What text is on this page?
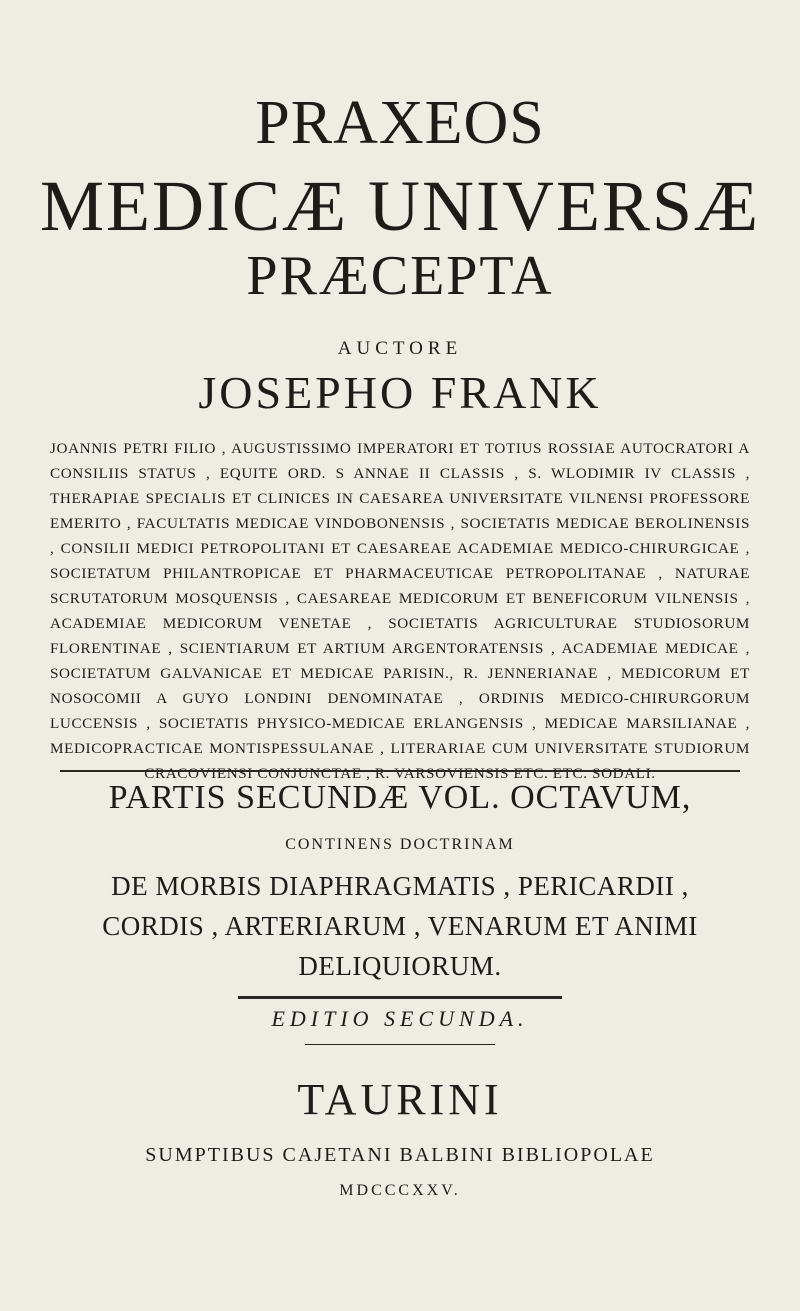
PRAXEOS
MEDICÆ UNIVERSÆ
PRÆCEPTA
AUCTORE
JOSEPHO FRANK
JOANNIS PETRI FILIO , AUGUSTISSIMO IMPERATORI ET TOTIUS ROSSIAE AUTOCRATORI A CONSILIIS STATUS , EQUITE ORD. S ANNAE II CLASSIS , S. WLODIMIR IV CLASSIS , THERAPIAE SPECIALIS ET CLINICES IN CAESAREA UNIVERSITATE VILNENSI PROFESSORE EMERITO , FACULTATIS MEDICAE VINDOBONENSIS , SOCIETATIS MEDICAE BEROLINENSIS , CONSILII MEDICI PETROPOLITANI ET CAESAREAE ACADEMIAE MEDICO-CHIRURGICAE , SOCIETATUM PHILANTROPICAE ET PHARMACEUTICAE PETROPOLITANAE , NATURAE SCRUTATORUM MOSQUENSIS , CAESAREAE MEDICORUM ET BENEFICORUM VILNENSIS , ACADEMIAE MEDICORUM VENETAE , SOCIETATIS AGRICULTURAE STUDIOSORUM FLORENTINAE , SCIENTIARUM ET ARTIUM ARGENTORATENSIS , ACADEMIAE MEDICAE , SOCIETATUM GALVANICAE ET MEDICAE PARISIN., R. JENNERIANAE , MEDICORUM ET NOSOCOMII A GUYO LONDINI DENOMINATAE , ORDINIS MEDICO-CHIRURGORUM LUCCENSIS , SOCIETATIS PHYSICO-MEDICAE ERLANGENSIS , MEDICAE MARSILIANAE , MEDICOPRACTICAE MONTISPESSULANAE , LITERARIAE CUM UNIVERSITATE STUDIORUM CRACOVIENSI CONJUNCTAE , R. VARSOVIENSIS ETC. ETC. SODALI.
PARTIS SECUNDÆ VOL. OCTAVUM,
CONTINENS DOCTRINAM
DE MORBIS DIAPHRAGMATIS , PERICARDII , CORDIS , ARTERIARUM , VENARUM ET ANIMI DELIQUIORUM.
EDITIO SECUNDA.
TAURINI
SUMPTIBUS CAJETANI BALBINI BIBLIOPOLAE
MDCCCXXV.
